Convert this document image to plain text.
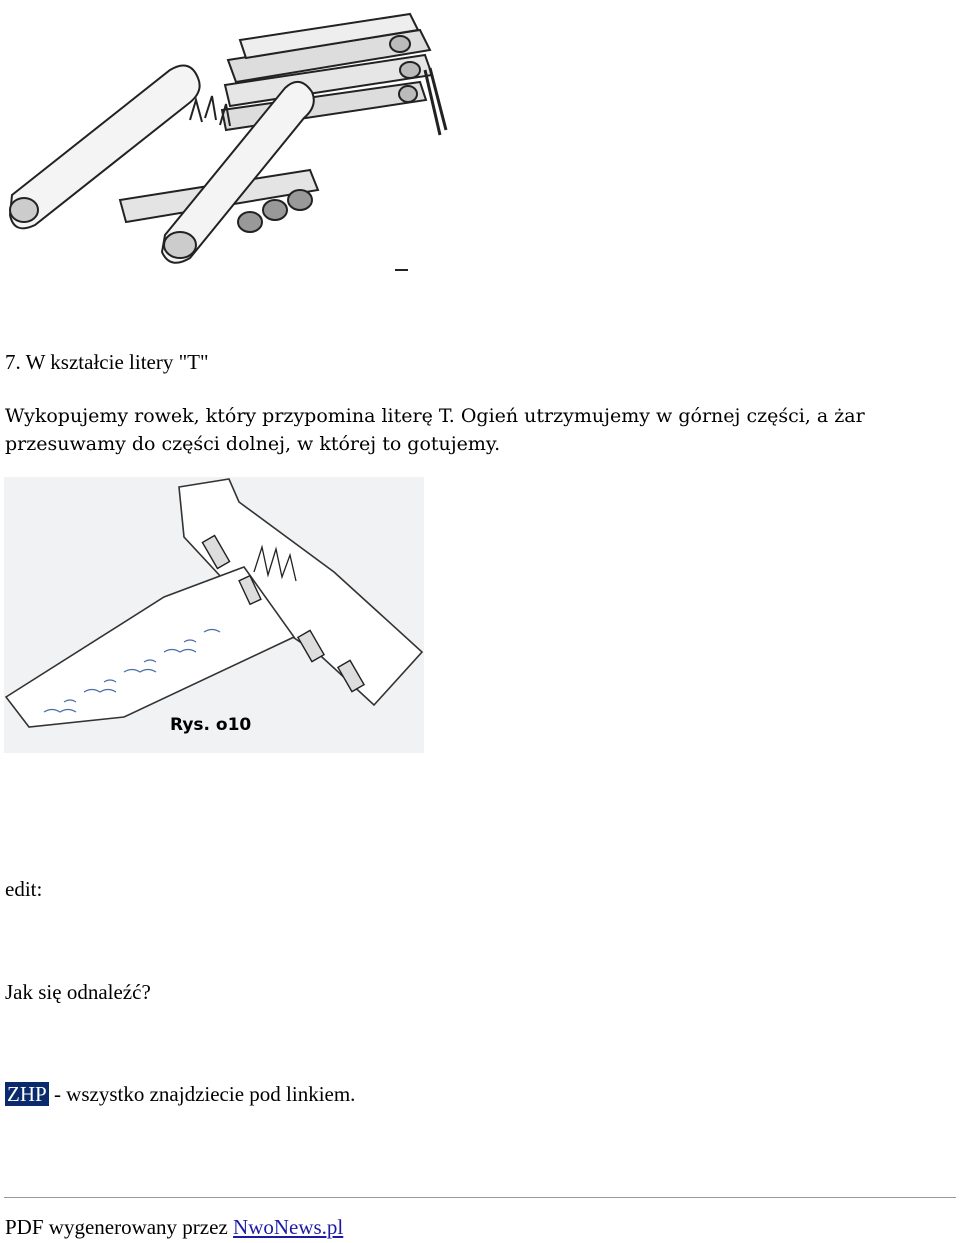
7. W kształcie litery "T"
Wykopujemy rowek, który przypomina literę T. Ogień utrzymujemy w górnej części, a żar przesuwamy do części dolnej, w której to gotujemy.
Rys. o10
edit:
Jak się odnaleźć?
ZHP - wszystko znajdziecie pod linkiem.
PDF wygenerowany przez NwoNews.pl
